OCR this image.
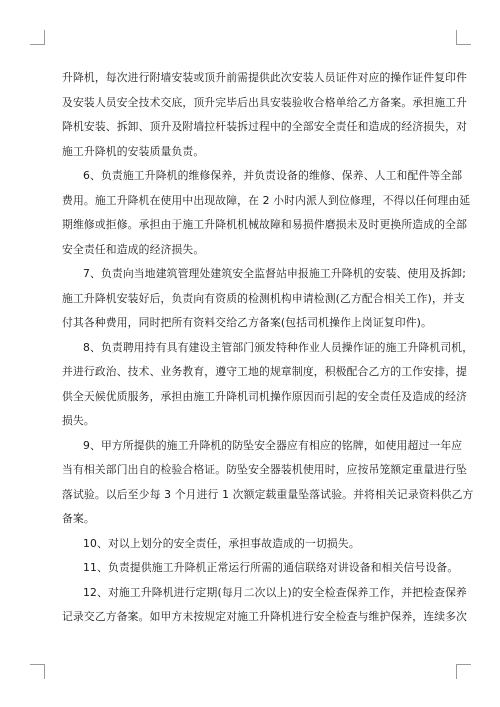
升降机，每次进行附墙安装或顶升前需提供此次安装人员证件对应的操作证件复印件
及安装人员安全技术交底，顶升完毕后出具安装验收合格单给乙方备案。承担施工升
降机安装、拆卸、顶升及附墙拉杆装拆过程中的全部安全责任和造成的经济损失，对
施工升降机的安装质量负责。

6、负责施工升降机的维修保养，并负责设备的维修、保养、人工和配件等全部
费用。施工升降机在使用中出现故障，在 2 小时内派人到位修理，不得以任何理由延
期维修或拒修。承担由于施工升降机机械故障和易损件磨损未及时更换所造成的全部
安全责任和造成的经济损失。

7、负责向当地建筑管理处建筑安全监督站申报施工升降机的安装、使用及拆卸;
施工升降机安装好后，负责向有资质的检测机构申请检测(乙方配合相关工作)，并支
付其各种费用，同时把所有资料交给乙方备案(包括司机操作上岗证复印件)。

8、负责聘用持有具有建设主管部门颁发特种作业人员操作证的施工升降机司机，
并进行政治、技术、业务教育，遵守工地的规章制度，积极配合乙方的工作安排，提
供全天候优质服务，承担由施工升降机司机操作原因而引起的安全责任及造成的经济
损失。

9、甲方所提供的施工升降机的防坠安全器应有相应的铭牌，如使用超过一年应
当有相关部门出自的检验合格证。防坠安全器装机使用时，应按吊笼额定重量进行坠
落试验。以后至少每 3 个月进行 1 次额定载重量坠落试验。并将相关记录资料供乙方
备案。

10、对以上划分的安全责任，承担事故造成的一切损失。

11、负责提供施工升降机正常运行所需的通信联络对讲设备和相关信号设备。

12、对施工升降机进行定期(每月二次以上)的安全检查保养工作，并把检查保养
记录交乙方备案。如甲方未按规定对施工升降机进行安全检查与维护保养，连续多次
